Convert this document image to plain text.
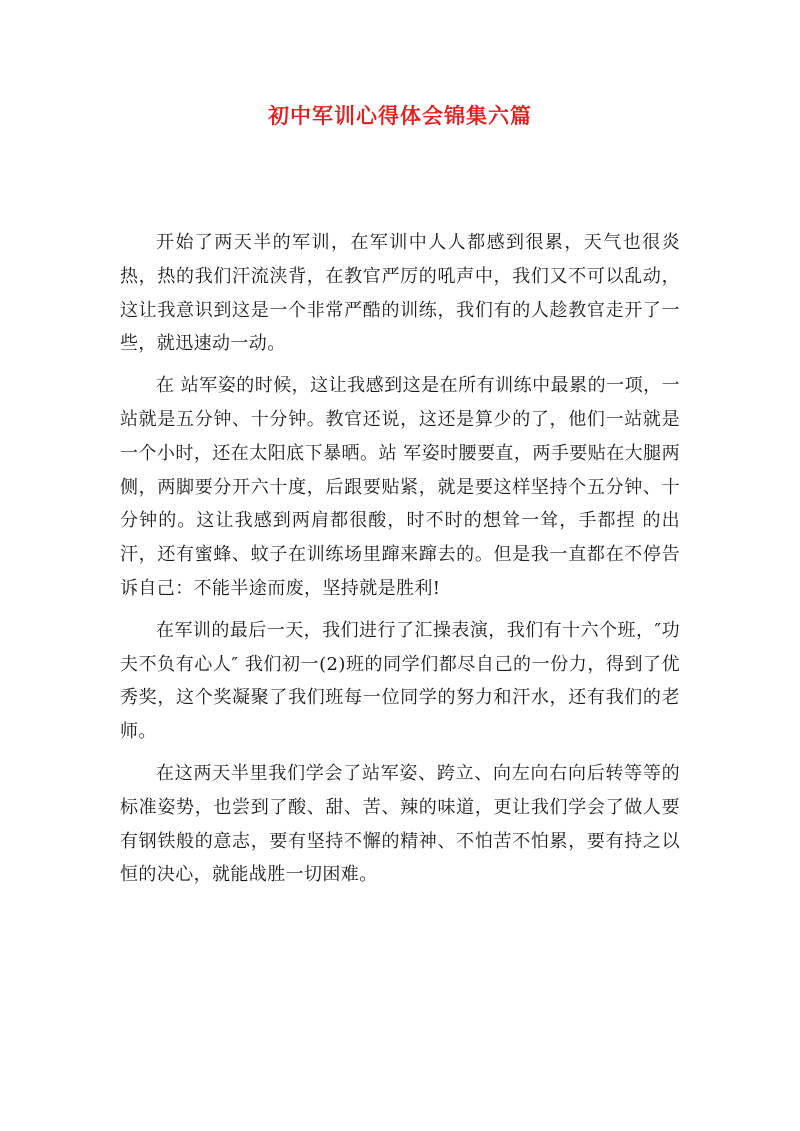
初中军训心得体会锦集六篇

开始了两天半的军训，在军训中人人都感到很累，天气也很炎热，热的我们汗流浃背，在教官严厉的吼声中，我们又不可以乱动，这让我意识到这是一个非常严酷的训练，我们有的人趁教官走开了一些，就迅速动一动。

在 站军姿的时候，这让我感到这是在所有训练中最累的一项，一站就是五分钟、十分钟。教官还说，这还是算少的了，他们一站就是一个小时，还在太阳底下暴晒。站 军姿时腰要直，两手要贴在大腿两侧，两脚要分开六十度，后跟要贴紧，就是要这样坚持个五分钟、十分钟的。这让我感到两肩都很酸，时不时的想耸一耸，手都捏 的出汗，还有蜜蜂、蚊子在训练场里蹿来蹿去的。但是我一直都在不停告诉自己：不能半途而废，坚持就是胜利!

在军训的最后一天，我们进行了汇操表演，我们有十六个班，″功夫不负有心人″ 我们初一(2)班的同学们都尽自己的一份力，得到了优秀奖，这个奖凝聚了我们班每一位同学的努力和汗水，还有我们的老师。

在这两天半里我们学会了站军姿、跨立、向左向右向后转等等的标准姿势，也尝到了酸、甜、苦、辣的味道，更让我们学会了做人要有钢铁般的意志，要有坚持不懈的精神、不怕苦不怕累，要有持之以恒的决心，就能战胜一切困难。
